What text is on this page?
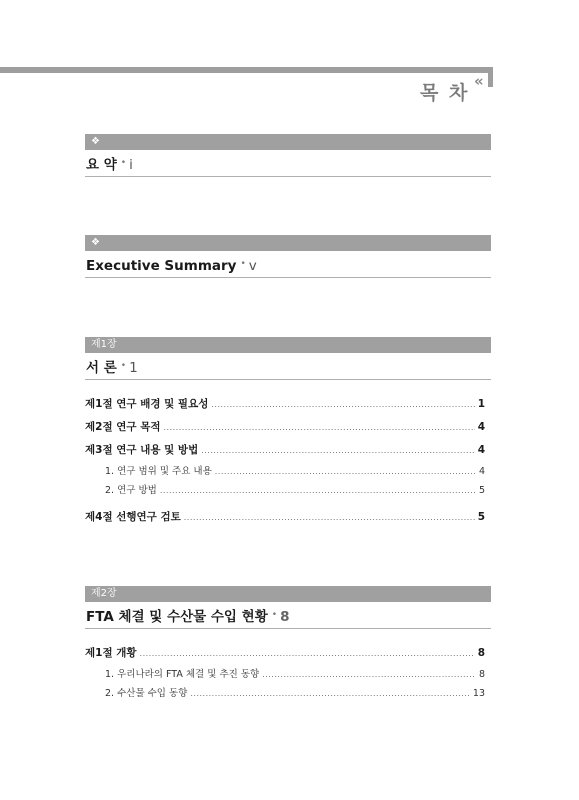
목 차
«
❖
요 약 • i
❖
Executive Summary • v
제1장
서 론 • 1
제1절 연구 배경 및 필요성 .....	1
제2절 연구 목적 .....	4
제3절 연구 내용 및 방법 .....	4
1. 연구 범위 및 주요 내용 .....	4
2. 연구 방법 .....	5
제4절 선행연구 검토 .....	5
제2장
FTA 체결 및 수산물 수입 현황 • 8
제1절 개황 .....	8
1. 우리나라의 FTA 체결 및 추진 동향 .....	8
2. 수산물 수입 동향 .....	13
